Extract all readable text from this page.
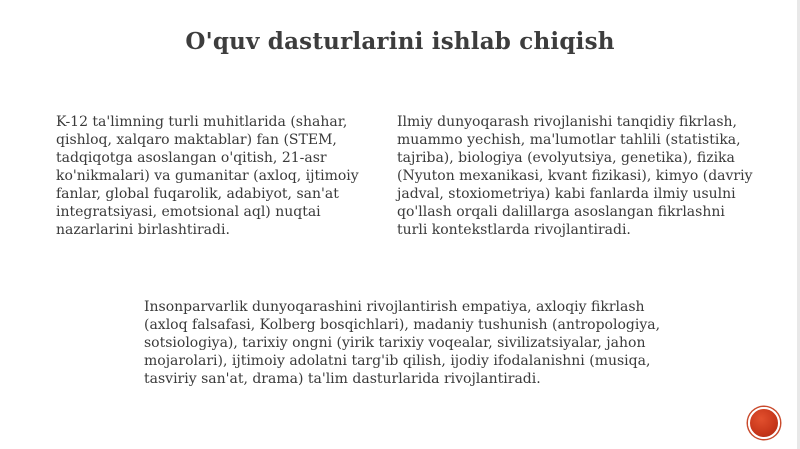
O'quv dasturlarini ishlab chiqish

K-12 ta'limning turli muhitlarida (shahar, qishloq, xalqaro maktablar) fan (STEM, tadqiqotga asoslangan o'qitish, 21-asr ko'nikmalari) va gumanitar (axloq, ijtimoiy fanlar, global fuqarolik, adabiyot, san'at integratsiyasi, emotsional aql) nuqtai nazarlarini birlashtiradi.

Ilmiy dunyoqarash rivojlanishi tanqidiy fikrlash, muammo yechish, ma'lumotlar tahlili (statistika, tajriba), biologiya (evolyutsiya, genetika), fizika (Nyuton mexanikasi, kvant fizikasi), kimyo (davriy jadval, stoxiometriya) kabi fanlarda ilmiy usulni qo'llash orqali dalillarga asoslangan fikrlashni turli kontekstlarda rivojlantiradi.

Insonparvarlik dunyoqarashini rivojlantirish empatiya, axloqiy fikrlash (axloq falsafasi, Kolberg bosqichlari), madaniy tushunish (antropologiya, sotsiologiya), tarixiy ongni (yirik tarixiy voqealar, sivilizatsiyalar, jahon mojarolari), ijtimoiy adolatni targ'ib qilish, ijodiy ifodalanishni (musiqa, tasviriy san'at, drama) ta'lim dasturlarida rivojlantiradi.
